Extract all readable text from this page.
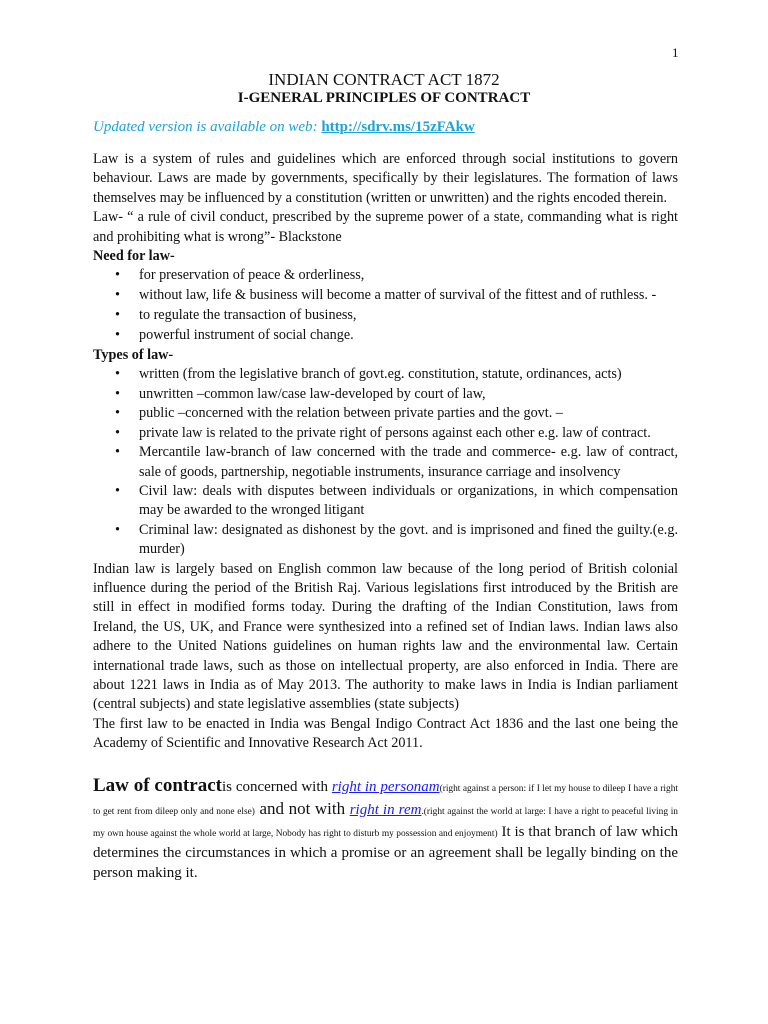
1
INDIAN CONTRACT ACT 1872
I-GENERAL PRINCIPLES OF CONTRACT
Updated version is available on web: http://sdrv.ms/15zFAkw

Law is a system of rules and guidelines which are enforced through social institutions to govern behaviour. Laws are made by governments, specifically by their legislatures. The formation of laws themselves may be influenced by a constitution (written or unwritten) and the rights encoded therein.

Law- “ a rule of civil conduct, prescribed by the supreme power of a state, commanding what is right and prohibiting what is wrong”- Blackstone

Need for law-

• for preservation of peace & orderliness,
• without law, life & business will become a matter of survival of the fittest and of ruthless. -
• to regulate the transaction of business,
• powerful instrument of social change.

Types of law-

• written (from the legislative branch of govt.eg. constitution, statute, ordinances, acts)
• unwritten –common law/case law-developed by court of law,
• public –concerned with the relation between private parties and the govt. –
• private law is related to the private right of persons against each other e.g. law of contract.
• Mercantile law-branch of law concerned with the trade and commerce- e.g. law of contract, sale of goods, partnership, negotiable instruments, insurance carriage and insolvency
• Civil law: deals with disputes between individuals or organizations, in which compensation may be awarded to the wronged litigant
• Criminal law: designated as dishonest by the govt. and is imprisoned and fined the guilty.(e.g. murder)

Indian law is largely based on English common law because of the long period of British colonial influence during the period of the British Raj. Various legislations first introduced by the British are still in effect in modified forms today. During the drafting of the Indian Constitution, laws from Ireland, the US, UK, and France were synthesized into a refined set of Indian laws. Indian laws also adhere to the United Nations guidelines on human rights law and the environmental law. Certain international trade laws, such as those on intellectual property, are also enforced in India. There are about 1221 laws in India as of May 2013. The authority to make laws in India is Indian parliament (central subjects) and state legislative assemblies (state subjects)

The first law to be enacted in India was Bengal Indigo Contract Act 1836 and the last one being the Academy of Scientific and Innovative Research Act 2011.

Law of contractis concerned with right in personam(right against a person: if I let my house to dileep I have a right to get rent from dileep only and none else) and not with right in rem.(right against the world at large: I have a right to peaceful living in my own house against the whole world at large, Nobody has right to disturb my possession and enjoyment) It is that branch of law which determines the circumstances in which a promise or an agreement shall be legally binding on the person making it.
